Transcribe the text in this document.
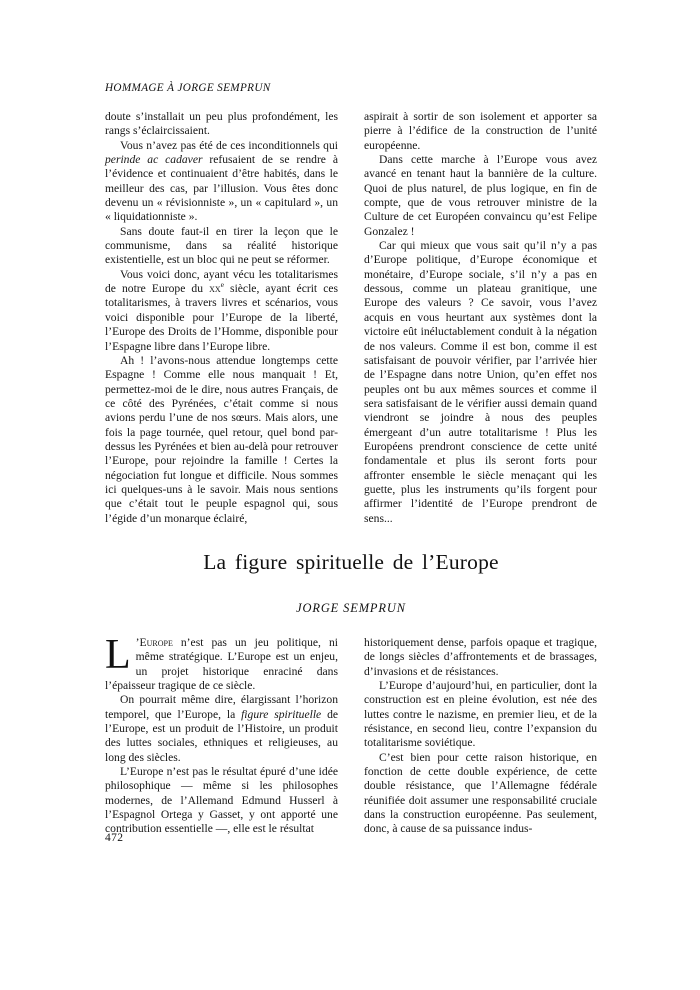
HOMMAGE À JORGE SEMPRUN

doute s’installait un peu plus profondément, les rangs s’éclaircissaient.

Vous n’avez pas été de ces inconditionnels qui perinde ac cadaver refusaient de se rendre à l’évidence et continuaient d’être habités, dans le meilleur des cas, par l’illusion. Vous êtes donc devenu un « révisionniste », un « capitulard », un « liquidationniste ».

Sans doute faut-il en tirer la leçon que le communisme, dans sa réalité historique existentielle, est un bloc qui ne peut se réformer.

Vous voici donc, ayant vécu les totalitarismes de notre Europe du $xx^e$ siècle, ayant écrit ces totalitarismes, à travers livres et scénarios, vous voici disponible pour l’Europe de la liberté, l’Europe des Droits de l’Homme, disponible pour l’Espagne libre dans l’Europe libre.

Ah ! l’avons-nous attendue longtemps cette Espagne ! Comme elle nous manquait ! Et, permettez-moi de le dire, nous autres Français, de ce côté des Pyrénées, c’était comme si nous avions perdu l’une de nos sœurs. Mais alors, une fois la page tournée, quel retour, quel bond par-dessus les Pyrénées et bien au-delà pour retrouver l’Europe, pour rejoindre la famille ! Certes la négociation fut longue et difficile. Nous sommes ici quelques-uns à le savoir. Mais nous sentions que c’était tout le peuple espagnol qui, sous l’égide d’un monarque éclairé,

aspirait à sortir de son isolement et apporter sa pierre à l’édifice de la construction de l’unité européenne.

Dans cette marche à l’Europe vous avez avancé en tenant haut la bannière de la culture. Quoi de plus naturel, de plus logique, en fin de compte, que de vous retrouver ministre de la Culture de cet Européen convaincu qu’est Felipe Gonzalez !

Car qui mieux que vous sait qu’il n’y a pas d’Europe politique, d’Europe économique et monétaire, d’Europe sociale, s’il n’y a pas en dessous, comme un plateau granitique, une Europe des valeurs ? Ce savoir, vous l’avez acquis en vous heurtant aux systèmes dont la victoire eût inéluctablement conduit à la négation de nos valeurs. Comme il est bon, comme il est satisfaisant de pouvoir vérifier, par l’arrivée hier de l’Espagne dans notre Union, qu’en effet nos peuples ont bu aux mêmes sources et comme il sera satisfaisant de le vérifier aussi demain quand viendront se joindre à nous des peuples émergeant d’un autre totalitarisme ! Plus les Européens prendront conscience de cette unité fondamentale et plus ils seront forts pour affronter ensemble le siècle menaçant qui les guette, plus les instruments qu’ils forgent pour affirmer l’identité de l’Europe prendront de sens...

La figure spirituelle de l’Europe
JORGE SEMPRUN

L ’Europe n’est pas un jeu politique, ni même stratégique. L’Europe est un enjeu, un projet historique enraciné dans l’épaisseur tragique de ce siècle.

On pourrait même dire, élargissant l’horizon temporel, que l’Europe, la figure spirituelle de l’Europe, est un produit de l’Histoire, un produit des luttes sociales, ethniques et religieuses, au long des siècles.

L’Europe n’est pas le résultat épuré d’une idée philosophique — même si les philosophes modernes, de l’Allemand Edmund Husserl à l’Espagnol Ortega y Gasset, y ont apporté une contribution essentielle —, elle est le résultat

historiquement dense, parfois opaque et tragique, de longs siècles d’affrontements et de brassages, d’invasions et de résistances.

L’Europe d’aujourd’hui, en particulier, dont la construction est en pleine évolution, est née des luttes contre le nazisme, en premier lieu, et de la résistance, en second lieu, contre l’expansion du totalitarisme soviétique.

C’est bien pour cette raison historique, en fonction de cette double expérience, de cette double résistance, que l’Allemagne fédérale réunifiée doit assumer une responsabilité cruciale dans la construction européenne. Pas seulement, donc, à cause de sa puissance indus-

472
